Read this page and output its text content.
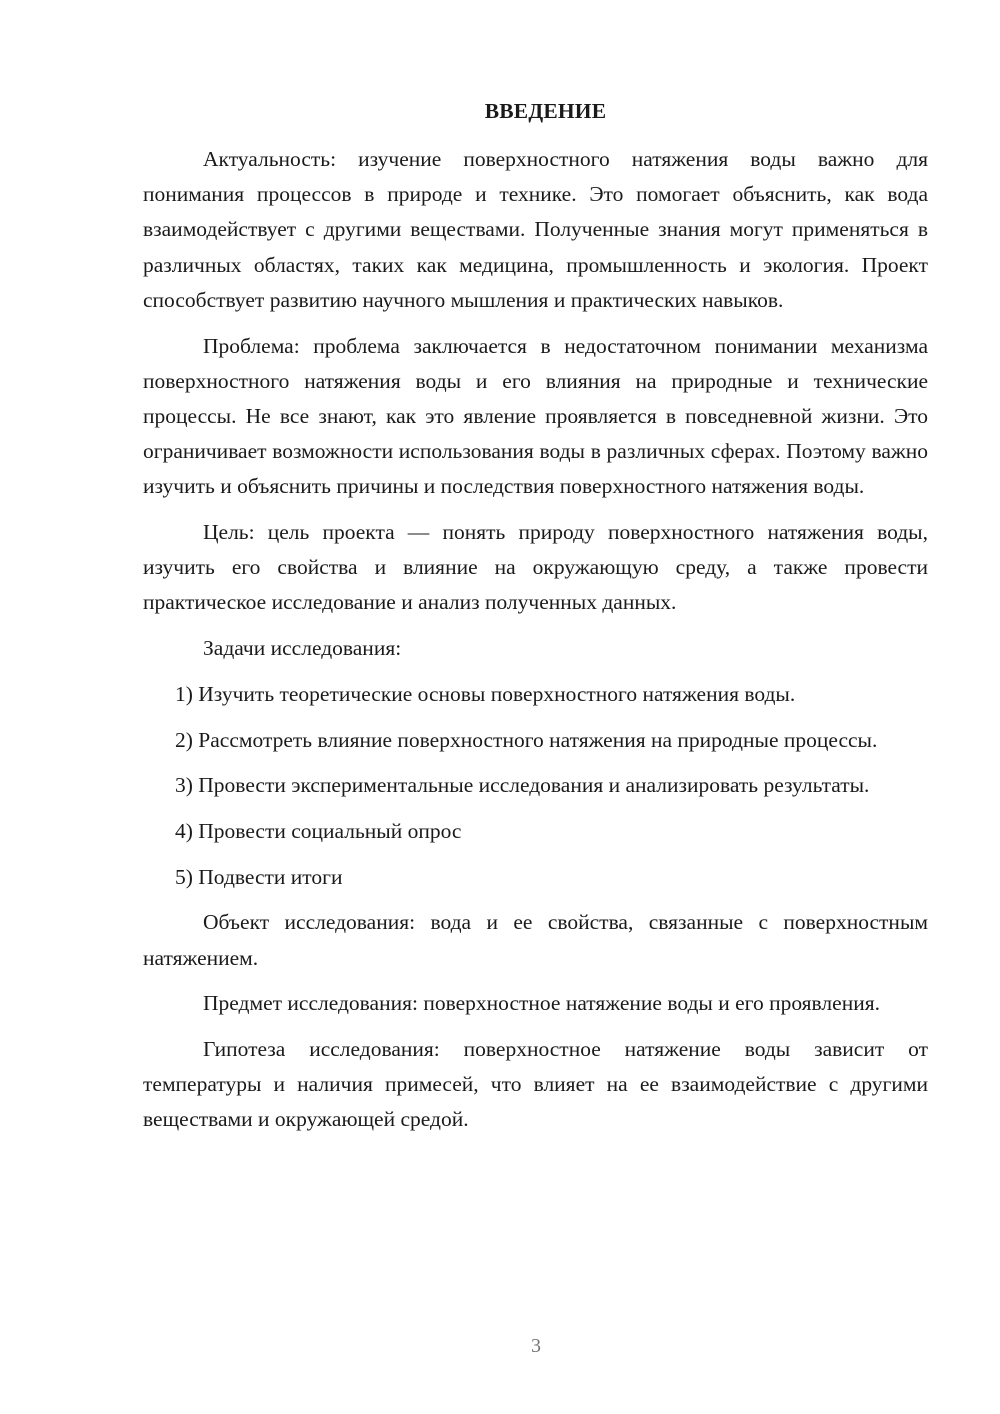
ВВЕДЕНИЕ

Актуальность: изучение поверхностного натяжения воды важно для понимания процессов в природе и технике. Это помогает объяснить, как вода взаимодействует с другими веществами. Полученные знания могут применяться в различных областях, таких как медицина, промышленность и экология. Проект способствует развитию научного мышления и практических навыков.

Проблема: проблема заключается в недостаточном понимании механизма поверхностного натяжения воды и его влияния на природные и технические процессы. Не все знают, как это явление проявляется в повседневной жизни. Это ограничивает возможности использования воды в различных сферах. Поэтому важно изучить и объяснить причины и последствия поверхностного натяжения воды.

Цель: цель проекта — понять природу поверхностного натяжения воды, изучить его свойства и влияние на окружающую среду, а также провести практическое исследование и анализ полученных данных.

Задачи исследования:

1) Изучить теоретические основы поверхностного натяжения воды.

2) Рассмотреть влияние поверхностного натяжения на природные процессы.

3) Провести экспериментальные исследования и анализировать результаты.

4) Провести социальный опрос

5) Подвести итоги

Объект исследования: вода и ее свойства, связанные с поверхностным натяжением.

Предмет исследования: поверхностное натяжение воды и его проявления.

Гипотеза исследования: поверхностное натяжение воды зависит от температуры и наличия примесей, что влияет на ее взаимодействие с другими веществами и окружающей средой.

3
